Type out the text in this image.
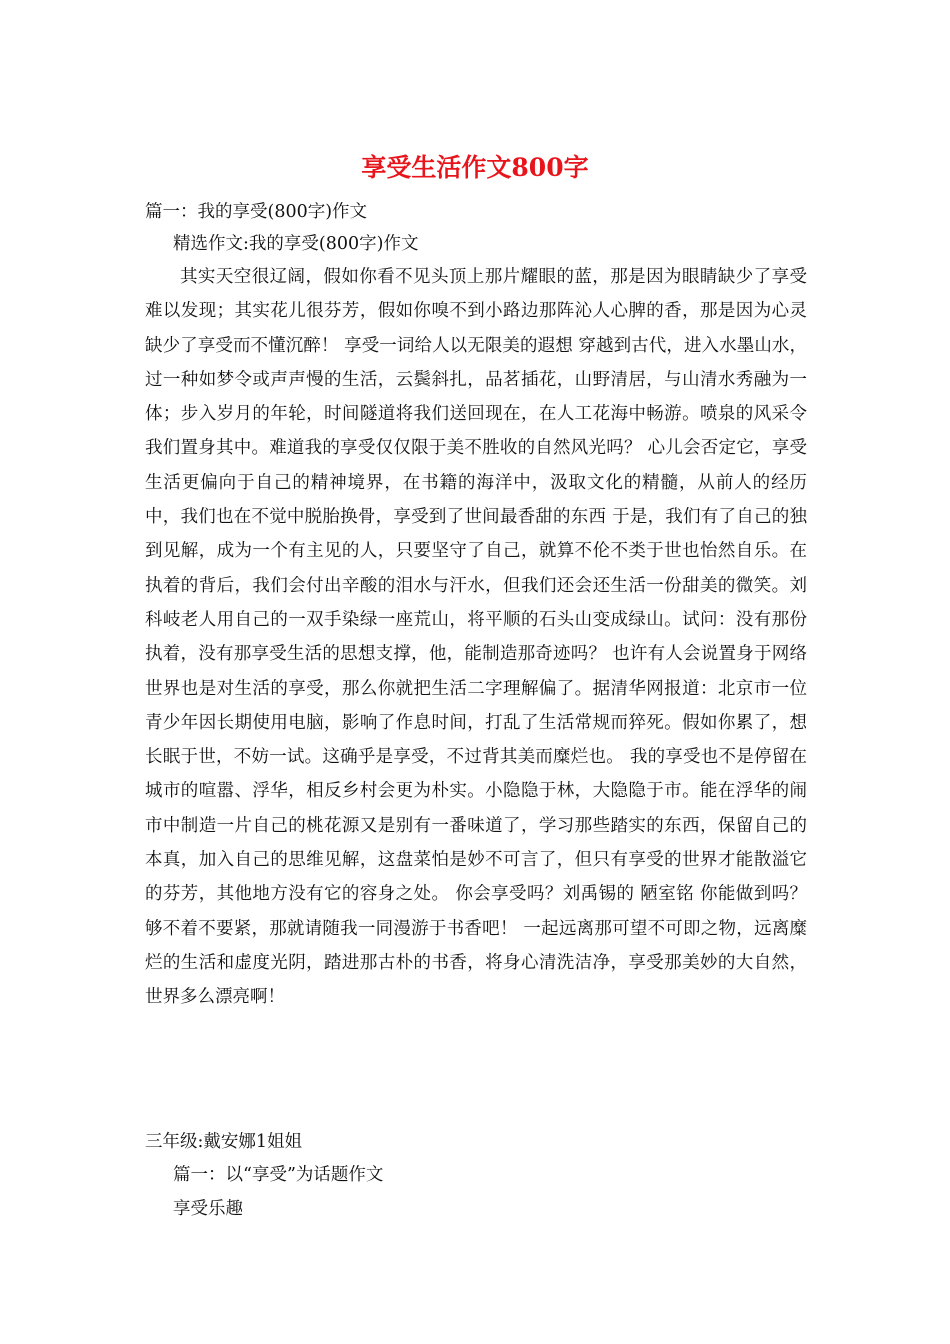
享受生活作文800字

篇一：我的享受(800字)作文

精选作文:我的享受(800字)作文

其实天空很辽阔，假如你看不见头顶上那片耀眼的蓝，那是因为眼睛缺少了享受难以发现；其实花儿很芬芳，假如你嗅不到小路边那阵沁人心脾的香，那是因为心灵缺少了享受而不懂沉醉！ 享受一词给人以无限美的遐想 穿越到古代，进入水墨山水，过一种如梦令或声声慢的生活，云鬓斜扎，品茗插花，山野清居，与山清水秀融为一体；步入岁月的年轮，时间隧道将我们送回现在，在人工花海中畅游。喷泉的风采令我们置身其中。难道我的享受仅仅限于美不胜收的自然风光吗？ 心儿会否定它，享受生活更偏向于自己的精神境界，在书籍的海洋中，汲取文化的精髓，从前人的经历中，我们也在不觉中脱胎换骨，享受到了世间最香甜的东西 于是，我们有了自己的独到见解，成为一个有主见的人，只要坚守了自己，就算不伦不类于世也怡然自乐。在执着的背后，我们会付出辛酸的泪水与汗水，但我们还会还生活一份甜美的微笑。刘科岐老人用自己的一双手染绿一座荒山，将平顺的石头山变成绿山。试问：没有那份执着，没有那享受生活的思想支撑，他，能制造那奇迹吗？ 也许有人会说置身于网络世界也是对生活的享受，那么你就把生活二字理解偏了。据清华网报道：北京市一位青少年因长期使用电脑，影响了作息时间，打乱了生活常规而猝死。假如你累了，想长眠于世，不妨一试。这确乎是享受，不过背其美而糜烂也。 我的享受也不是停留在城市的喧嚣、浮华，相反乡村会更为朴实。小隐隐于林，大隐隐于市。能在浮华的闹市中制造一片自己的桃花源又是别有一番味道了，学习那些踏实的东西，保留自己的本真，加入自己的思维见解，这盘菜怕是妙不可言了，但只有享受的世界才能散溢它的芬芳，其他地方没有它的容身之处。 你会享受吗？刘禹锡的 陋室铭 你能做到吗？够不着不要紧，那就请随我一同漫游于书香吧！ 一起远离那可望不可即之物，远离糜烂的生活和虚度光阴，踏进那古朴的书香，将身心清洗洁净，享受那美妙的大自然，世界多么漂亮啊！

三年级:戴安娜1姐姐

篇一：以“享受”为话题作文

享受乐趣
